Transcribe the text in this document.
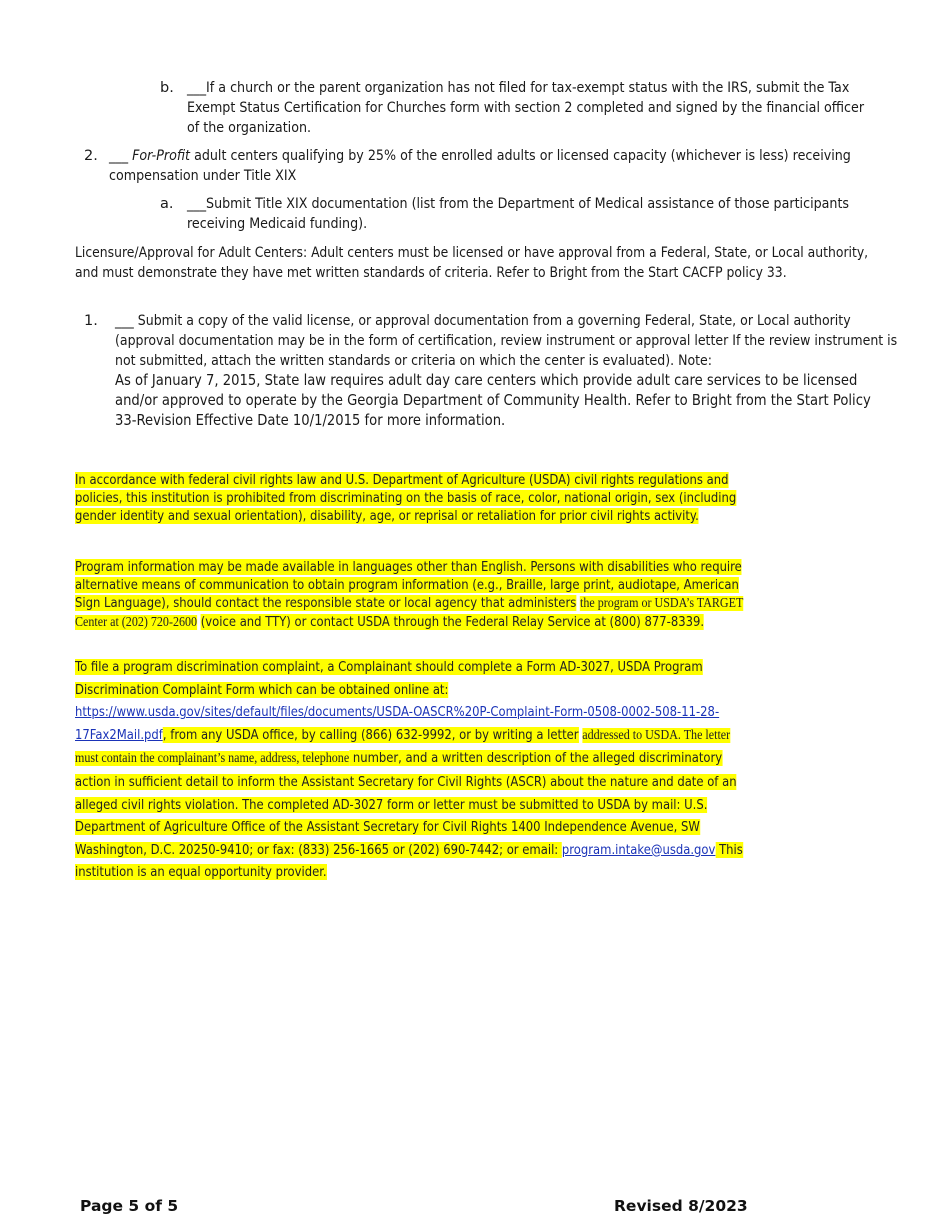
b. ___If a church or the parent organization has not filed for tax-exempt status with the IRS, submit the Tax Exempt Status Certification for Churches form with section 2 completed and signed by the financial officer of the organization.
2. ___ For-Profit adult centers qualifying by 25% of the enrolled adults or licensed capacity (whichever is less) receiving compensation under Title XIX
a. ___Submit Title XIX documentation (list from the Department of Medical assistance of those participants receiving Medicaid funding).
Licensure/Approval for Adult Centers: Adult centers must be licensed or have approval from a Federal, State, or Local authority, and must demonstrate they have met written standards of criteria. Refer to Bright from the Start CACFP policy 33.
1. ___ Submit a copy of the valid license, or approval documentation from a governing Federal, State, or Local authority (approval documentation may be in the form of certification, review instrument or approval letter If the review instrument is not submitted, attach the written standards or criteria on which the center is evaluated). Note:
As of January 7, 2015, State law requires adult day care centers which provide adult care services to be licensed and/or approved to operate by the Georgia Department of Community Health. Refer to Bright from the Start Policy 33-Revision Effective Date 10/1/2015 for more information.

In accordance with federal civil rights law and U.S. Department of Agriculture (USDA) civil rights regulations and policies, this institution is prohibited from discriminating on the basis of race, color, national origin, sex (including gender identity and sexual orientation), disability, age, or reprisal or retaliation for prior civil rights activity.

Program information may be made available in languages other than English. Persons with disabilities who require alternative means of communication to obtain program information (e.g., Braille, large print, audiotape, American Sign Language), should contact the responsible state or local agency that administers the program or USDA’s TARGET Center at (202) 720-2600 (voice and TTY) or contact USDA through the Federal Relay Service at (800) 877-8339.

To file a program discrimination complaint, a Complainant should complete a Form AD-3027, USDA Program Discrimination Complaint Form which can be obtained online at: https://www.usda.gov/sites/default/files/documents/USDA-OASCR%20P-Complaint-Form-0508-0002-508-11-28-17Fax2Mail.pdf, from any USDA office, by calling (866) 632-9992, or by writing a letter addressed to USDA. The letter must contain the complainant’s name, address, telephone number, and a written description of the alleged discriminatory action in sufficient detail to inform the Assistant Secretary for Civil Rights (ASCR) about the nature and date of an alleged civil rights violation. The completed AD-3027 form or letter must be submitted to USDA by mail: U.S. Department of Agriculture Office of the Assistant Secretary for Civil Rights 1400 Independence Avenue, SW Washington, D.C. 20250-9410; or fax: (833) 256-1665 or (202) 690-7442; or email: program.intake@usda.gov This institution is an equal opportunity provider.

Page 5 of 5	Revised 8/2023
